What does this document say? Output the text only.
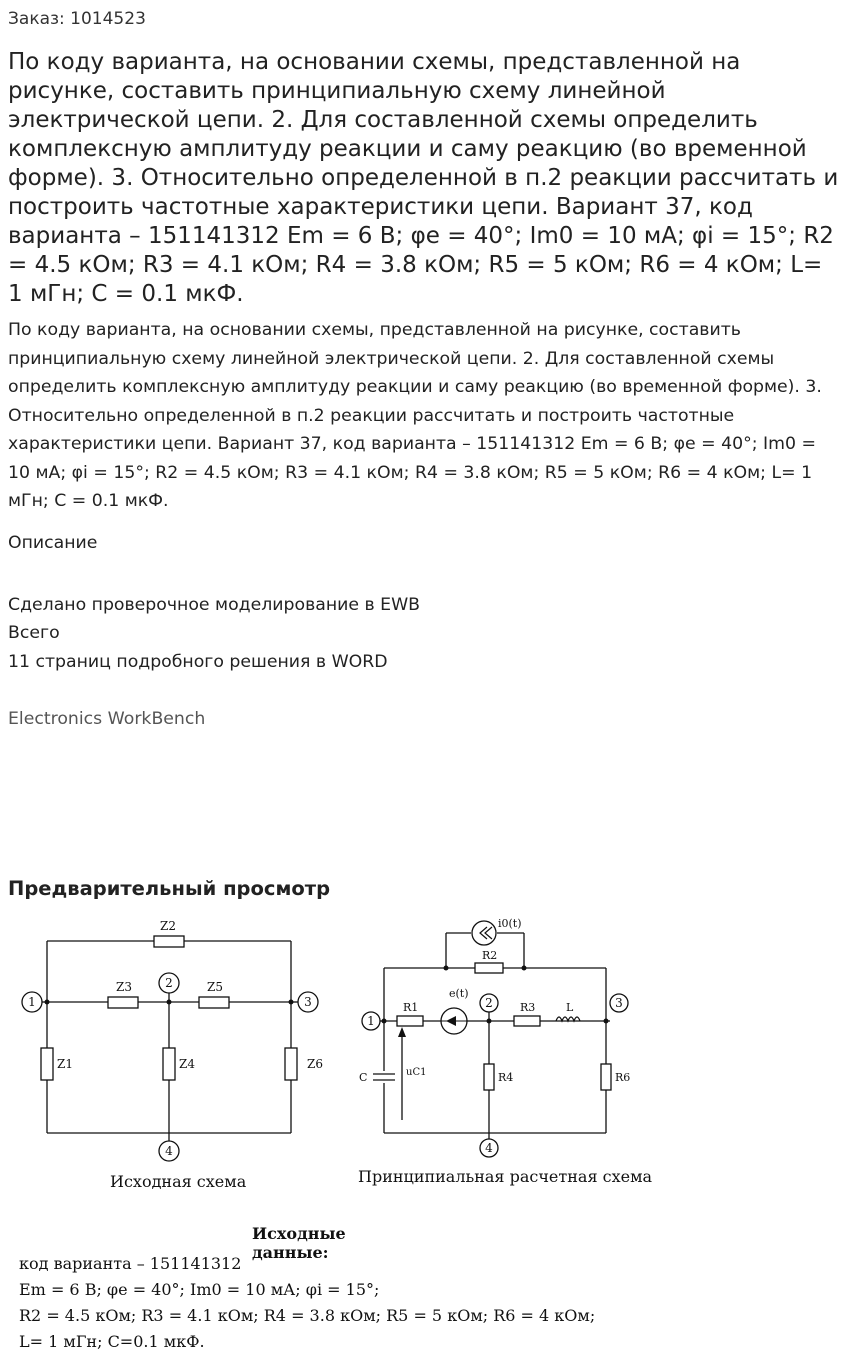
Заказ: 1014523
По коду варианта, на основании схемы, представленной на рисунке, составить принципиальную схему линейной электрической цепи. 2. Для составленной схемы определить комплексную амплитуду реакции и саму реакцию (во временной форме). 3. Относительно определенной в п.2 реакции рассчитать и построить частотные характеристики цепи. Вариант 37, код варианта – 151141312 Em = 6 В; φe = 40°; Im0 = 10 мА; φi = 15°; R2 = 4.5 кОм; R3 = 4.1 кОм; R4 = 3.8 кОм; R5 = 5 кОм; R6 = 4 кОм; L= 1 мГн; C = 0.1 мкФ.

По коду варианта, на основании схемы, представленной на рисунке, составить принципиальную схему линейной электрической цепи. 2. Для составленной схемы определить комплексную амплитуду реакции и саму реакцию (во временной форме). 3. Относительно определенной в п.2 реакции рассчитать и построить частотные характеристики цепи. Вариант 37, код варианта – 151141312 Em = 6 В; φe = 40°; Im0 = 10 мА; φi = 15°; R2 = 4.5 кОм; R3 = 4.1 кОм; R4 = 3.8 кОм; R5 = 5 кОм; R6 = 4 кОм; L= 1 мГн; C = 0.1 мкФ.

Описание
Сделано проверочное моделирование в EWB
Всего
11 страниц подробного решения в WORD
Electronics WorkBench
Предварительный просмотр
1
2
3
4
1
2	3
4
Z2
Z3	Z5
Z1	Z4	Z6
i0(t)
R2
R1
e(t)
R3	L
R4	R6
C	uC1
Исходная схема	Принципиальная расчетная схема
Исходные данные:
код варианта – 151141312
Em = 6 В; φe = 40°; Im0 = 10 мА; φi = 15°;
R2 = 4.5 кОм; R3 = 4.1 кОм; R4 = 3.8 кОм; R5 = 5 кОм; R6 = 4 кОм;
L= 1 мГн; C=0.1 мкФ.
